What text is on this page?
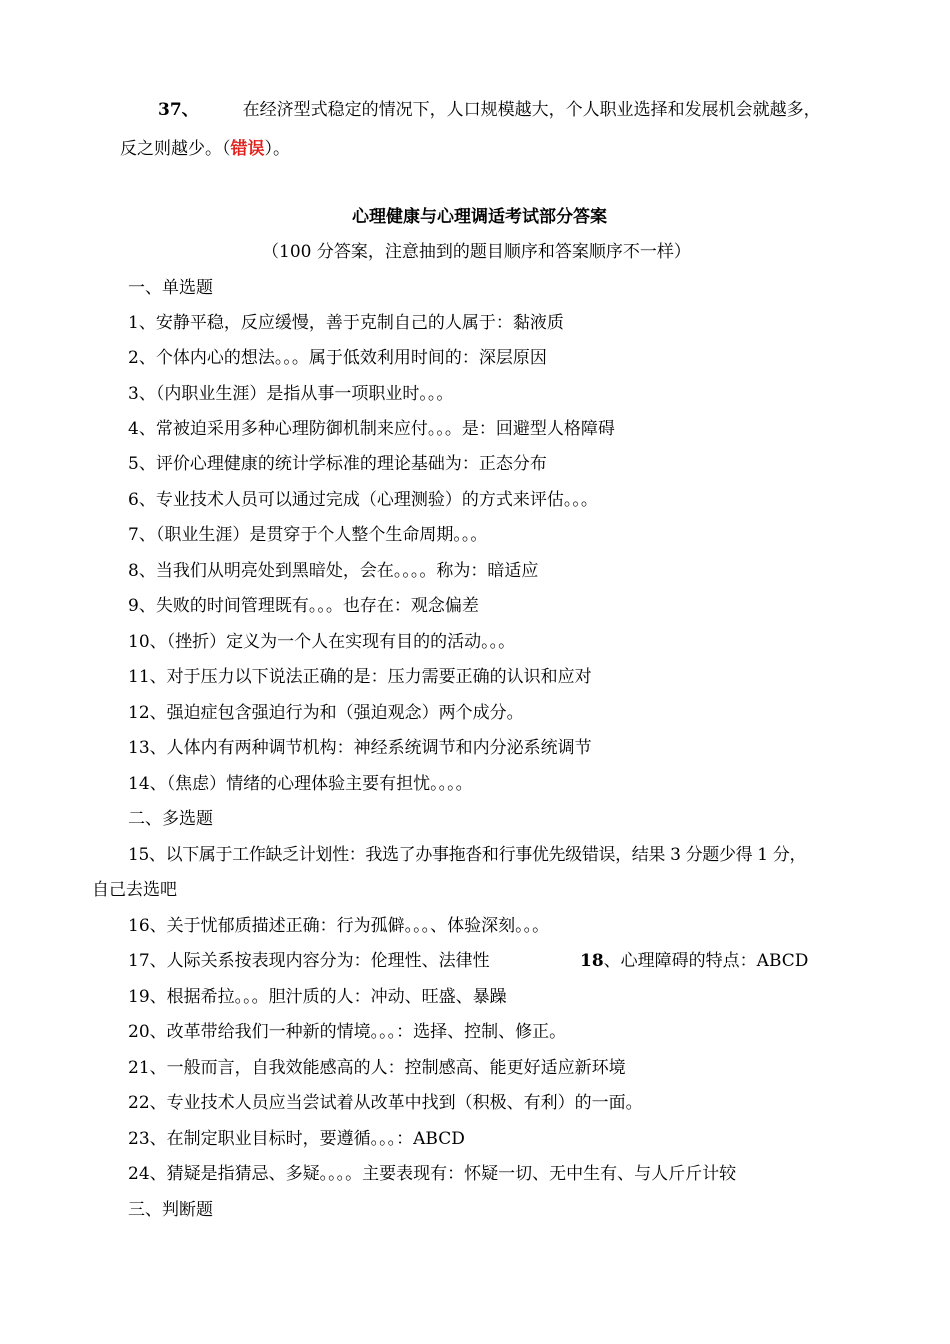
37、	在经济型式稳定的情况下，人口规模越大，个人职业选择和发展机会就越多，
反之则越少。（错误）。
心理健康与心理调适考试部分答案
（100 分答案，注意抽到的题目顺序和答案顺序不一样）
一、单选题
1、安静平稳，反应缓慢，善于克制自己的人属于：黏液质
2、个体内心的想法。。。属于低效利用时间的：深层原因
3、（内职业生涯）是指从事一项职业时。。。
4、常被迫采用多种心理防御机制来应付。。。是：回避型人格障碍
5、评价心理健康的统计学标准的理论基础为：正态分布
6、专业技术人员可以通过完成（心理测验）的方式来评估。。。
7、（职业生涯）是贯穿于个人整个生命周期。。。
8、当我们从明亮处到黑暗处，会在。。。。称为：暗适应
9、失败的时间管理既有。。。也存在：观念偏差
10、（挫折）定义为一个人在实现有目的的活动。。。
11、对于压力以下说法正确的是：压力需要正确的认识和应对
12、强迫症包含强迫行为和（强迫观念）两个成分。
13、人体内有两种调节机构：神经系统调节和内分泌系统调节
14、（焦虑）情绪的心理体验主要有担忧。。。。
二、多选题
15、以下属于工作缺乏计划性：我选了办事拖沓和行事优先级错误，结果 3 分题少得 1 分，
自己去选吧
16、关于忧郁质描述正确：行为孤僻。。。、体验深刻。。。
17、人际关系按表现内容分为：伦理性、法律性	18、心理障碍的特点：ABCD
19、根据希拉。。。胆汁质的人：冲动、旺盛、暴躁
20、改革带给我们一种新的情境。。。：选择、控制、修正。
21、一般而言，自我效能感高的人：控制感高、能更好适应新环境
22、专业技术人员应当尝试着从改革中找到（积极、有利）的一面。
23、在制定职业目标时，要遵循。。。：ABCD
24、猜疑是指猜忌、多疑。。。。主要表现有：怀疑一切、无中生有、与人斤斤计较
三、判断题
